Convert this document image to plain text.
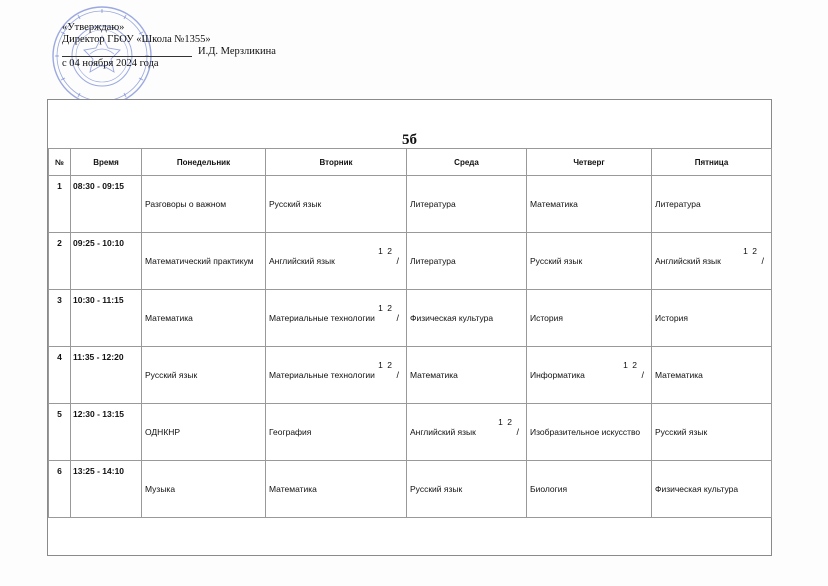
«Утверждаю»
Директор ГБОУ «Школа №1355»
И.Д. Мерзликина
с 04 ноября 2024 года
5б
№	Время	Понедельник	Вторник	Среда	Четверг	Пятница
1	08:30 - 09:15	Разговоры о важном	Русский язык	Литература	Математика	Литература

2	09:25 - 10:10	Математический практикум	Английский язык
1 2
/	Литература	Русский язык	Английский язык
1 2
/

3	10:30 - 11:15	Математика	Материальные технологии
1 2
/	Физическая культура	История	История

4	11:35 - 12:20	Русский язык	Материальные технологии
1 2
/	Математика	Информатика
1 2
/	Математика

5	12:30 - 13:15	ОДНКНР	География	Английский язык
1 2
/	Изобразительное искусство	Русский язык

6	13:25 - 14:10	Музыка	Математика	Русский язык	Биология	Физическая культура
